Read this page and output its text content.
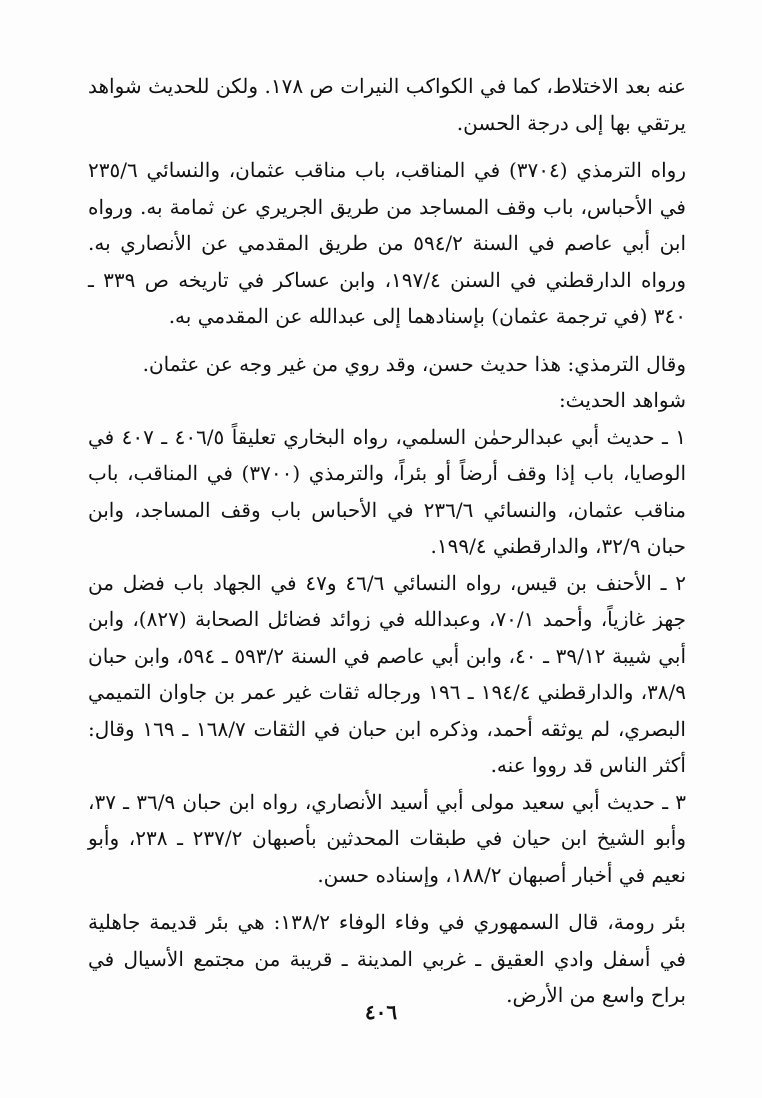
عنه بعد الاختلاط، كما في الكواكب النيرات ص ١٧٨. ولكن للحديث شواهد يرتقي بها إلى درجة الحسن.

رواه الترمذي (٣٧٠٤) في المناقب، باب مناقب عثمان، والنسائي ٢٣٥/٦ في الأحباس، باب وقف المساجد من طريق الجريري عن ثمامة به. ورواه ابن أبي عاصم في السنة ٥٩٤/٢ من طريق المقدمي عن الأنصاري به. ورواه الدارقطني في السنن ١٩٧/٤، وابن عساكر في تاريخه ص ٣٣٩ ـ ٣٤٠ (في ترجمة عثمان) بإسنادهما إلى عبدالله عن المقدمي به.

وقال الترمذي: هذا حديث حسن، وقد روي من غير وجه عن عثمان.

شواهد الحديث:

١ ـ حديث أبي عبدالرحمٰن السلمي، رواه البخاري تعليقاً ٤٠٦/٥ ـ ٤٠٧ في الوصايا، باب إذا وقف أرضاً أو بئراً، والترمذي (٣٧٠٠) في المناقب، باب مناقب عثمان، والنسائي ٢٣٦/٦ في الأحباس باب وقف المساجد، وابن حبان ٣٢/٩، والدارقطني ١٩٩/٤.

٢ ـ الأحنف بن قيس، رواه النسائي ٤٦/٦ و٤٧ في الجهاد باب فضل من جهز غازياً، وأحمد ٧٠/١، وعبدالله في زوائد فضائل الصحابة (٨٢٧)، وابن أبي شيبة ٣٩/١٢ ـ ٤٠، وابن أبي عاصم في السنة ٥٩٣/٢ ـ ٥٩٤، وابن حبان ٣٨/٩، والدارقطني ١٩٤/٤ ـ ١٩٦ ورجاله ثقات غير عمر بن جاوان التميمي البصري، لم يوثقه أحمد، وذكره ابن حبان في الثقات ١٦٨/٧ ـ ١٦٩ وقال: أكثر الناس قد رووا عنه.

٣ ـ حديث أبي سعيد مولى أبي أسيد الأنصاري، رواه ابن حبان ٣٦/٩ ـ ٣٧، وأبو الشيخ ابن حيان في طبقات المحدثين بأصبهان ٢٣٧/٢ ـ ٢٣٨، وأبو نعيم في أخبار أصبهان ١٨٨/٢، وإسناده حسن.

بئر رومة، قال السمهوري في وفاء الوفاء ١٣٨/٢: هي بئر قديمة جاهلية في أسفل وادي العقيق ـ غربي المدينة ـ قريبة من مجتمع الأسيال في براح واسع من الأرض.

٤٠٦
